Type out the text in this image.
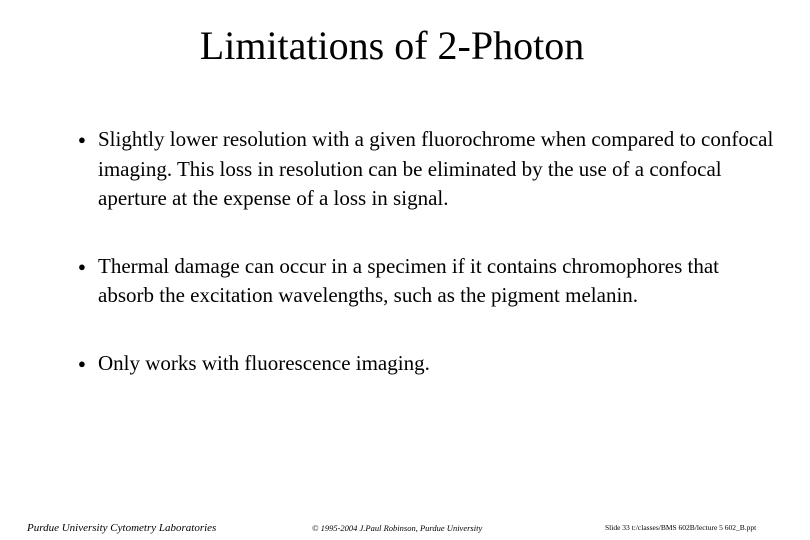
Limitations of 2-Photon
● Slightly lower resolution with a given fluorochrome when compared to confocal imaging. This loss in resolution can be eliminated by the use of a confocal aperture at the expense of a loss in signal.
● Thermal damage can occur in a specimen if it contains chromophores that absorb the excitation wavelengths, such as the pigment melanin.
● Only works with fluorescence imaging.
Purdue University Cytometry Laboratories	© 1995-2004 J.Paul Robinson, Purdue University	Slide 33 t:/classes/BMS 602B/lecture 5 602_B.ppt
